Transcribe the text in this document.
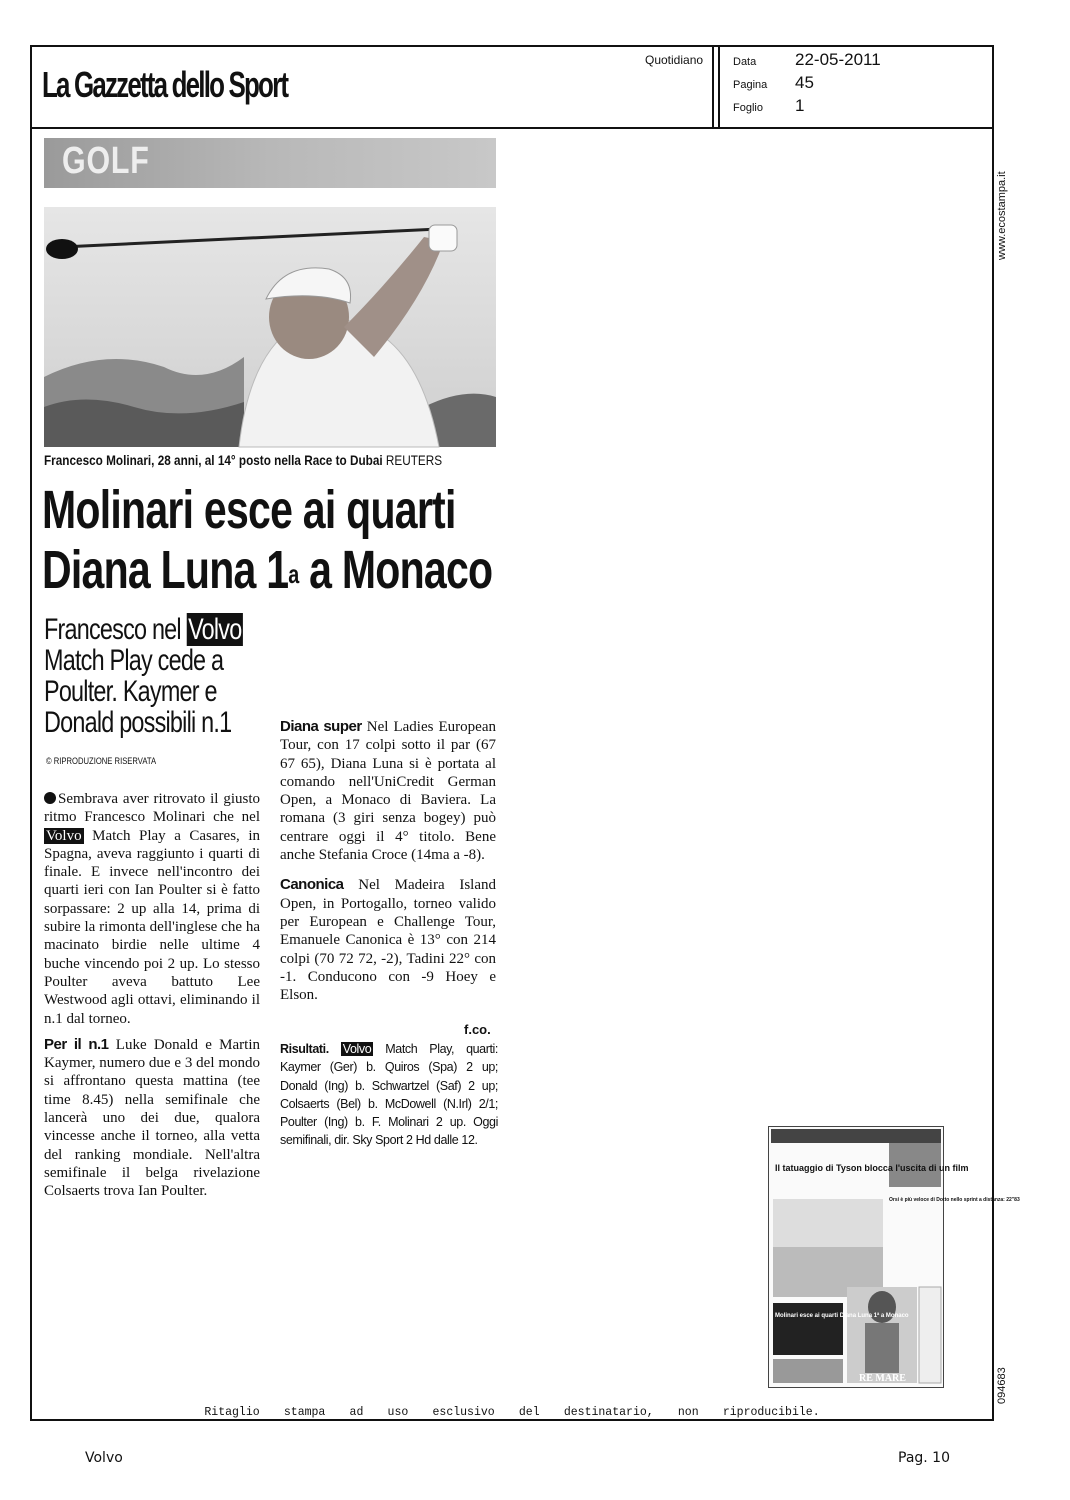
La Gazzetta dello Sport
Quotidiano	Data 22-05-2011
Pagina 45
Foglio 1
www.ecostampa.it
094683
GOLF
Francesco Molinari, 28 anni, al 14° posto nella Race to Dubai REUTERS
Molinari esce ai quarti
Diana Luna 1$^a$ a Monaco
Francesco nel Volvo Match Play cede a Poulter. Kaymer e Donald possibili n.1
© RIPRODUZIONE RISERVATA

Sembrava aver ritrovato il giusto ritmo Francesco Molinari che nel Volvo Match Play a Casares, in Spagna, aveva raggiunto i quarti di finale. E invece nell'incontro dei quarti ieri con Ian Poulter si è fatto sorpassare: 2 up alla 14, prima di subire la rimonta dell'inglese che ha macinato birdie nelle ultime 4 buche vincendo poi 2 up. Lo stesso Poulter aveva battuto Lee Westwood agli ottavi, eliminando il n.1 dal torneo.

Per il n.1 Luke Donald e Martin Kaymer, numero due e 3 del mondo si affrontano questa mattina (tee time 8.45) nella semifinale che lancerà uno dei due, qualora vincesse anche il torneo, alla vetta del ranking mondiale. Nell'altra semifinale il belga rivelazione Colsaerts trova Ian Poulter.

Diana super Nel Ladies European Tour, con 17 colpi sotto il par (67 67 65), Diana Luna si è portata al comando nell'UniCredit German Open, a Monaco di Baviera. La romana (3 giri senza bogey) può centrare oggi il 4° titolo. Bene anche Stefania Croce (14ma a -8).

Canonica Nel Madeira Island Open, in Portogallo, torneo valido per European e Challenge Tour, Emanuele Canonica è 13° con 214 colpi (70 72 72, -2), Tadini 22° con -1. Conducono con -9 Hoey e Elson.

f.co.
Risultati. Volvo Match Play, quarti: Kaymer (Ger) b. Quiros (Spa) 2 up; Donald (Ing) b. Schwartzel (Saf) 2 up; Colsaerts (Bel) b. McDowell (N.Irl) 2/1; Poulter (Ing) b. F. Molinari 2 up. Oggi semifinali, dir. Sky Sport 2 Hd dalle 12.
Il tatuaggio di Tyson blocca l'uscita di un film
Molinari esce ai quarti Diana Luna 1ª a Monaco
Orsi è più veloce di Dotto nello sprint a distanza: 22"83
RE MARE
Ritaglio stampa ad uso esclusivo del destinatario, non riproducibile.
Volvo	Pag. 10
